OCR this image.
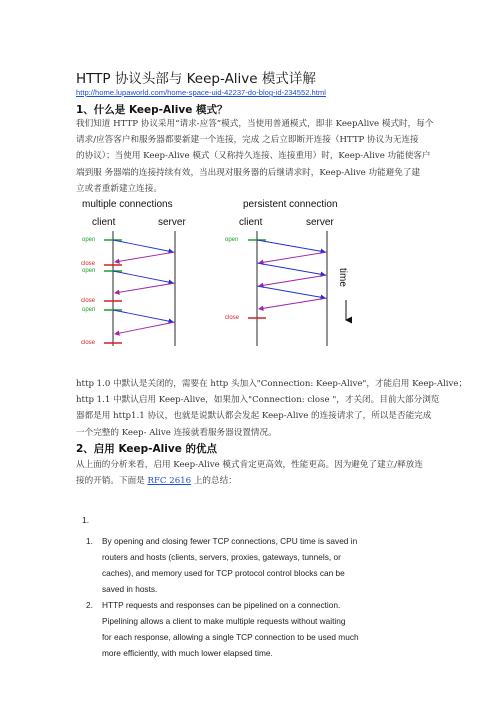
HTTP 协议头部与 Keep-Alive 模式详解
http://home.lupaworld.com/home-space-uid-42237-do-blog-id-234552.html
1、什么是 Keep-Alive 模式？
我们知道 HTTP 协议采用“请求-应答”模式，当使用普通模式，即非 KeepAlive 模式时，每个
请求/应答客户和服务器都要新建一个连接，完成 之后立即断开连接（HTTP 协议为无连接
的协议）；当使用 Keep-Alive 模式（又称持久连接、连接重用）时，Keep-Alive 功能使客户
端到服 务器端的连接持续有效，当出现对服务器的后继请求时，Keep-Alive 功能避免了建
立或者重新建立连接。
multiple connections	persistent connection
client	server	client	server
open
close
open
close
open
close
open
close
time
http 1.0 中默认是关闭的，需要在 http 头加入"Connection: Keep-Alive"，才能启用 Keep-Alive；
http 1.1 中默认启用 Keep-Alive，如果加入"Connection: close "，才关闭。目前大部分浏览
器都是用 http1.1 协议，也就是说默认都会发起 Keep-Alive 的连接请求了，所以是否能完成
一个完整的 Keep- Alive 连接就看服务器设置情况。
2、启用 Keep-Alive 的优点
从上面的分析来看，启用 Keep-Alive 模式肯定更高效，性能更高。因为避免了建立/释放连
接的开销。下面是 RFC 2616 上的总结：
1.
1. By opening and closing fewer TCP connections, CPU time is saved in
routers and hosts (clients, servers, proxies, gateways, tunnels, or
caches), and memory used for TCP protocol control blocks can be
saved in hosts.
2. HTTP requests and responses can be pipelined on a connection.
Pipelining allows a client to make multiple requests without waiting
for each response, allowing a single TCP connection to be used much
more efficiently, with much lower elapsed time.
